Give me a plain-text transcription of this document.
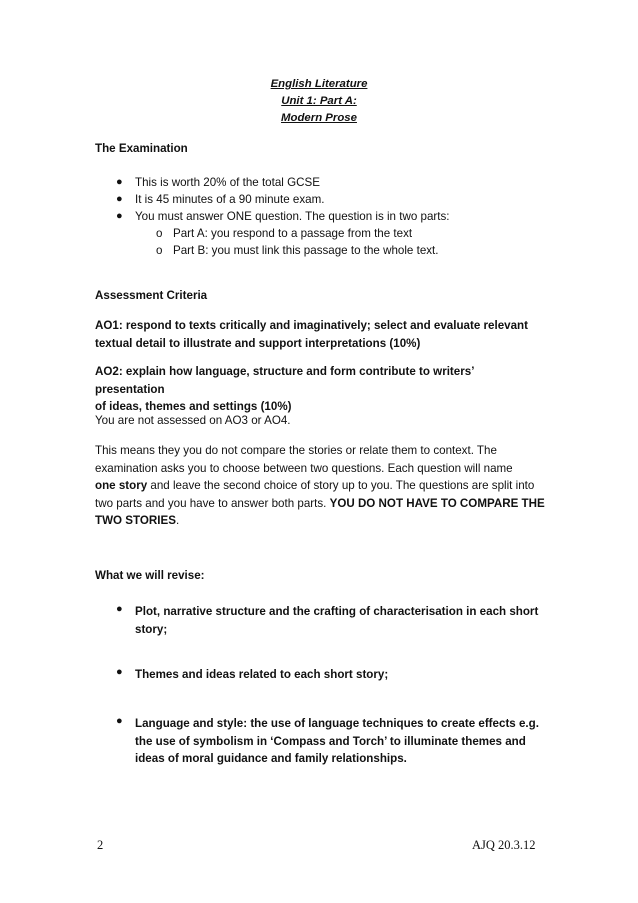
English Literature
Unit 1: Part A:
Modern Prose
The Examination
● This is worth 20% of the total GCSE
● It is 45 minutes of a 90 minute exam.
● You must answer ONE question. The question is in two parts:
o Part A: you respond to a passage from the text
o Part B: you must link this passage to the whole text.
Assessment Criteria
AO1: respond to texts critically and imaginatively; select and evaluate relevant
textual detail to illustrate and support interpretations (10%)
AO2: explain how language, structure and form contribute to writers’ presentation
of ideas, themes and settings (10%)
You are not assessed on AO3 or AO4.
This means they you do not compare the stories or relate them to context. The
examination asks you to choose between two questions. Each question will name
one story and leave the second choice of story up to you. The questions are split into
two parts and you have to answer both parts. YOU DO NOT HAVE TO COMPARE THE
TWO STORIES.
What we will revise:
● Plot, narrative structure and the crafting of characterisation in each short
story;
● Themes and ideas related to each short story;
● Language and style: the use of language techniques to create effects e.g.
the use of symbolism in ‘Compass and Torch’ to illuminate themes and
ideas of moral guidance and family relationships.
2	AJQ 20.3.12
